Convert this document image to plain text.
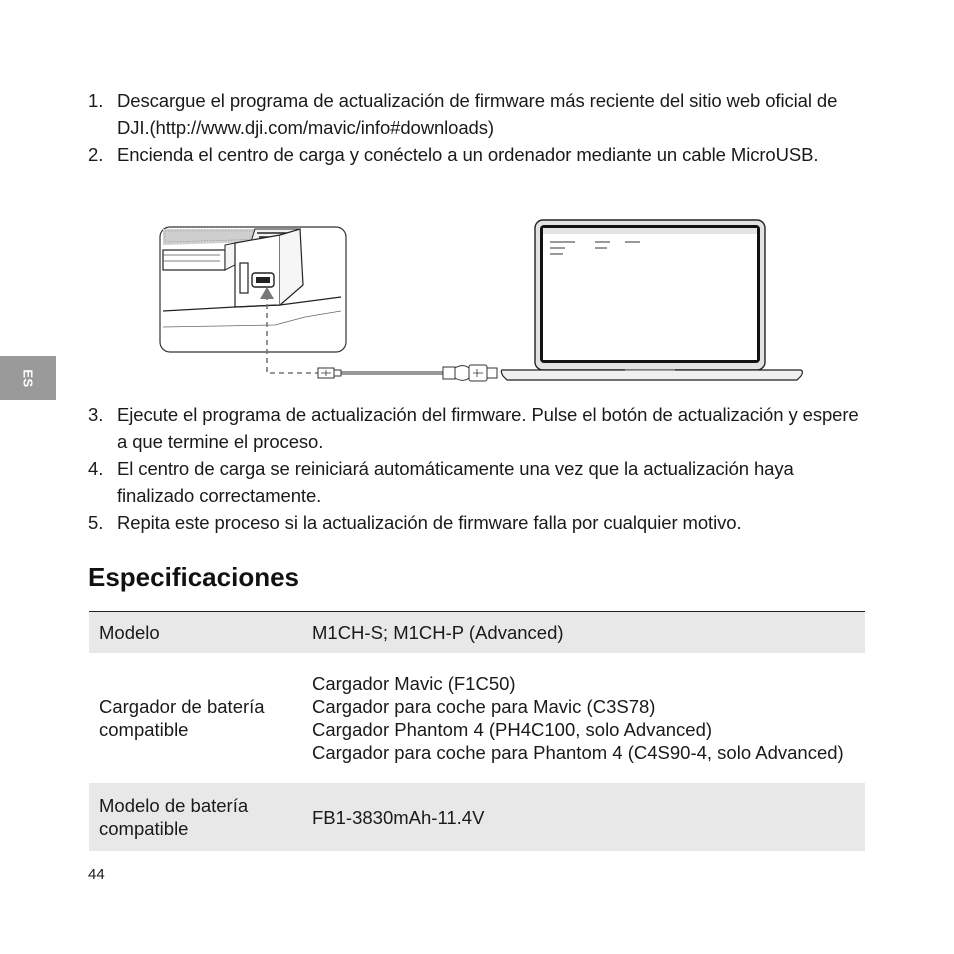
1. Descargue el programa de actualización de firmware más reciente del sitio web oficial de DJI.(http://www.dji.com/mavic/info#downloads)
2. Encienda el centro de carga y conéctelo a un ordenador mediante un cable MicroUSB.
ES
3. Ejecute el programa de actualización del firmware. Pulse el botón de actualización y espere a que termine el proceso.
4. El centro de carga se reiniciará automáticamente una vez que la actualización haya finalizado correctamente.
5. Repita este proceso si la actualización de firmware falla por cualquier motivo.
Especificaciones
Modelo	M1CH-S; M1CH-P (Advanced)

Cargador de batería compatible	Cargador Mavic (F1C50)
Cargador para coche para Mavic (C3S78)
Cargador Phantom 4 (PH4C100, solo Advanced)
Cargador para coche para Phantom 4 (C4S90-4, solo Advanced)

Modelo de batería compatible	FB1-3830mAh-11.4V
44
